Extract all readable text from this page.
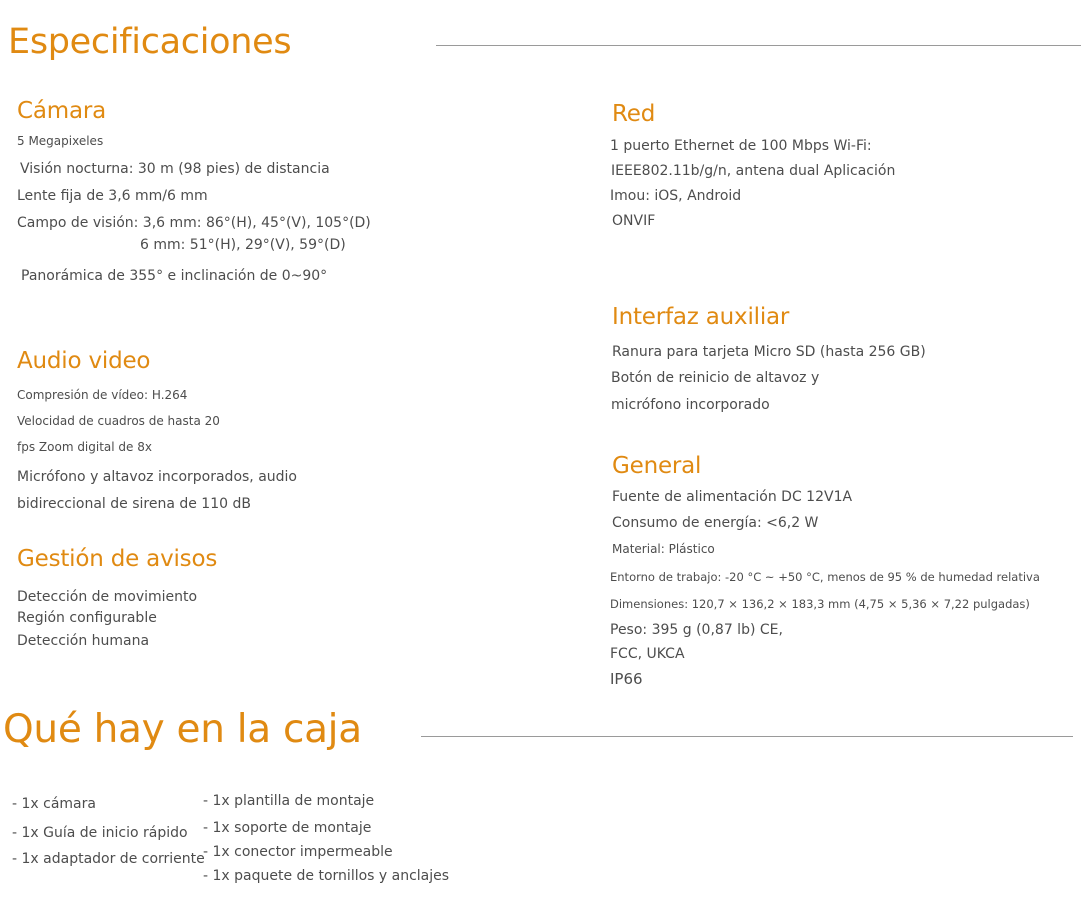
Especificaciones
Cámara
5 Megapixeles
Visión nocturna: 30 m (98 pies) de distancia
Lente fija de 3,6 mm/6 mm
Campo de visión: 3,6 mm: 86°(H), 45°(V), 105°(D)
6 mm: 51°(H), 29°(V), 59°(D)
Panorámica de 355° e inclinación de 0~90°
Audio video
Compresión de vídeo: H.264
Velocidad de cuadros de hasta 20
fps Zoom digital de 8x
Micrófono y altavoz incorporados, audio
bidireccional de sirena de 110 dB
Gestión de avisos
Detección de movimiento
Región configurable
Detección humana
Red
1 puerto Ethernet de 100 Mbps Wi-Fi:
IEEE802.11b/g/n, antena dual Aplicación
Imou: iOS, Android
ONVIF
Interfaz auxiliar
Ranura para tarjeta Micro SD (hasta 256 GB)
Botón de reinicio de altavoz y
micrófono incorporado
General
Fuente de alimentación DC 12V1A
Consumo de energía: <6,2 W
Material: Plástico
Entorno de trabajo: -20 °C ~ +50 °C, menos de 95 % de humedad relativa
Dimensiones: 120,7 × 136,2 × 183,3 mm (4,75 × 5,36 × 7,22 pulgadas)
Peso: 395 g (0,87 lb) CE,
FCC, UKCA
IP66
Qué hay en la caja
- 1x cámara
- 1x Guía de inicio rápido
- 1x adaptador de corriente
- 1x plantilla de montaje
- 1x soporte de montaje
- 1x conector impermeable
- 1x paquete de tornillos y anclajes
